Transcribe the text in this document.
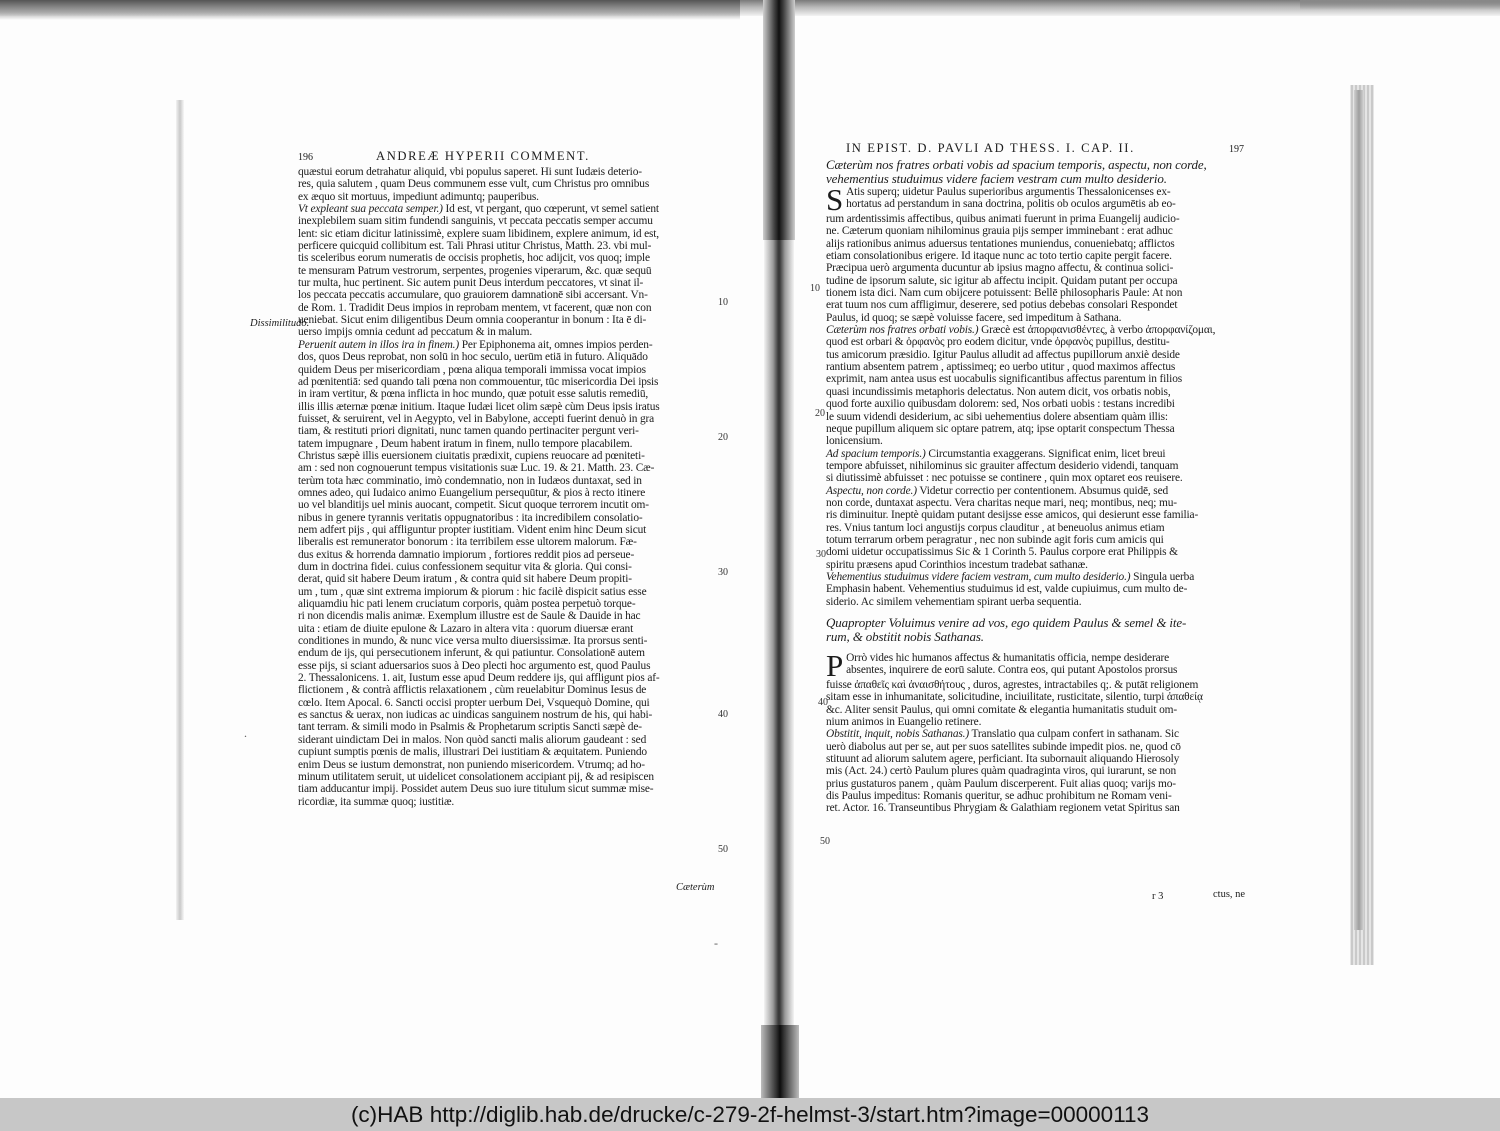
196	ANDREÆ HYPERII COMMENT.
quæstui eorum detrahatur aliquid, vbi populus saperet. Hi sunt Iudæis deterio-
res, quia salutem , quam Deus communem esse vult, cum Christus pro omnibus
ex æquo sit mortuus, impediunt adimuntq; pauperibus.
Vt expleant sua peccata semper.) Id est, vt pergant, quo cœperunt, vt semel satient
inexplebilem suam sitim fundendi sanguinis, vt peccata peccatis semper accumu
lent: sic etiam dicitur latinissimè, explere suam libidinem, explere animum, id est,
perficere quicquid collibitum est. Tali Phrasi utitur Christus, Matth. 23. vbi mul-
tis sceleribus eorum numeratis de occisis prophetis, hoc adijcit, vos quoq; imple
te mensuram Patrum vestrorum, serpentes, progenies viperarum, &c. quæ sequū
tur multa, huc pertinent. Sic autem punit Deus interdum peccatores, vt sinat il-
los peccata peccatis accumulare, quo grauiorem damnationē sibi accersant. Vn-
de Rom. 1. Tradidit Deus impios in reprobam mentem, vt facerent, quæ non con
ueniebat. Sicut enim diligentibus Deum omnia cooperantur in bonum : Ita ē di-
uerso impijs omnia cedunt ad peccatum & in malum.
Peruenit autem in illos ira in finem.) Per Epiphonema ait, omnes impios perden-
dos, quos Deus reprobat, non solū in hoc seculo, uerūm etiā in futuro. Aliquādo
quidem Deus per misericordiam , pœna aliqua temporali immissa vocat impios
ad pœnitentiā: sed quando tali pœna non commouentur, tūc misericordia Dei ipsis
in iram vertitur, & pœna inflicta in hoc mundo, quæ potuit esse salutis remediū,
illis illis æternæ pœnæ initium. Itaque Iudæi licet olim sæpè cùm Deus ipsis iratus
fuisset, & seruirent, vel in Aegypto, vel in Babylone, accepti fuerint denuò in gra
tiam, & restituti priori dignitati, nunc tamen quando pertinaciter pergunt veri-
tatem impugnare , Deum habent iratum in finem, nullo tempore placabilem.
Christus sæpè illis euersionem ciuitatis prædixit, cupiens reuocare ad pœniteti-
am : sed non cognouerunt tempus visitationis suæ Luc. 19. & 21. Matth. 23. Cæ-
terùm tota hæc comminatio, imò condemnatio, non in Iudæos duntaxat, sed in
omnes adeo, qui Iudaico animo Euangelium persequūtur, & pios à recto itinere
uo vel blanditijs uel minis auocant, competit. Sicut quoque terrorem incutit om-
nibus in genere tyrannis veritatis oppugnatoribus : ita incredibilem consolatio-
nem adfert pijs , qui affliguntur propter iustitiam. Vident enim hinc Deum sicut
liberalis est remunerator bonorum : ita terribilem esse ultorem malorum. Fæ-
dus exitus & horrenda damnatio impiorum , fortiores reddit pios ad perseue-
dum in doctrina fidei. cuius confessionem sequitur vita & gloria. Qui consi-
derat, quid sit habere Deum iratum , & contra quid sit habere Deum propiti-
um , tum , quæ sint extrema impiorum & piorum : hic facilè dispicit satius esse
aliquamdiu hic pati lenem cruciatum corporis, quàm postea perpetuò torque-
ri non dicendis malis animæ. Exemplum illustre est de Saule & Dauide in hac
uita : etiam de diuite epulone & Lazaro in altera vita : quorum diuersæ erant
conditiones in mundo, & nunc vice versa multo diuersissimæ. Ita prorsus senti-
endum de ijs, qui persecutionem inferunt, & qui patiuntur. Consolationē autem
esse pijs, si sciant aduersarios suos à Deo plecti hoc argumento est, quod Paulus
2. Thessalonicens. 1. ait, Iustum esse apud Deum reddere ijs, qui affligunt pios af-
flictionem , & contrà afflictis relaxationem , cùm reuelabitur Dominus Iesus de
cœlo. Item Apocal. 6. Sancti occisi propter uerbum Dei, Vsquequò Domine, qui
es sanctus & uerax, non iudicas ac uindicas sanguinem nostrum de his, qui habi-
tant terram. & simili modo in Psalmis & Prophetarum scriptis Sancti sæpè de-
siderant uindictam Dei in malos. Non quòd sancti malis aliorum gaudeant : sed
cupiunt sumptis pœnis de malis, illustrari Dei iustitiam & æquitatem. Puniendo
enim Deus se iustum demonstrat, non puniendo misericordem. Vtrumq; ad ho-
minum utilitatem seruit, ut uidelicet consolationem accipiant pij, & ad resipiscen
tiam adducantur impij. Possidet autem Deus suo iure titulum sicut summæ mise-
ricordiæ, ita summæ quoq; iustitiæ.
10
20
30
40
50
Dissimilitudo.
Cæterùm
-
.
IN EPIST. D. PAVLI AD THESS. I. CAP. II.	197
Cæterùm nos fratres orbati vobis ad spacium temporis, aspectu, non corde,
vehementius studuimus videre faciem vestram cum multo desiderio.
S Atis superq; uidetur Paulus superioribus argumentis Thessalonicenses ex-
hortatus ad perstandum in sana doctrina, politis ob oculos argumētis ab eo-
rum ardentissimis affectibus, quibus animati fuerunt in prima Euangelij audicio-
ne. Cæterum quoniam nihilominus grauia pijs semper imminebant : erat adhuc
alijs rationibus animus aduersus tentationes muniendus, conueniebatq; afflictos
etiam consolationibus erigere. Id itaque nunc ac toto tertio capite pergit facere.
Præcipua uerò argumenta ducuntur ab ipsius magno affectu, & continua solici-
tudine de ipsorum salute, sic igitur ab affectu incipit. Quidam putant per occupa
tionem ista dici. Nam cum obijcere potuissent: Bellē philosopharis Paule: At non
erat tuum nos cum affligimur, deserere, sed potius debebas consolari Respondet
Paulus, id quoq; se sæpè voluisse facere, sed impeditum à Sathana.
Cæterùm nos fratres orbati vobis.) Græcè est ἀπορφανισθέντες, à verbo ἀπορφανίζομαι,
quod est orbari & ὀρφανὸς pro eodem dicitur, vnde ὀρφανὸς pupillus, destitu-
tus amicorum præsidio. Igitur Paulus alludit ad affectus pupillorum anxiè deside
rantium absentem patrem , aptissimeq; eo uerbo utitur , quod maximos affectus
exprimit, nam antea usus est uocabulis significantibus affectus parentum in filios
quasi incundissimis metaphoris delectatus. Non autem dicit, vos orbatis nobis,
quod forte auxilio quibusdam dolorem: sed, Nos orbati uobis : testans incredibi
le suum videndi desiderium, ac sibi uehementius dolere absentiam quàm illis:
neque pupillum aliquem sic optare patrem, atq; ipse optarit conspectum Thessa
lonicensium.
Ad spacium temporis.) Circumstantia exaggerans. Significat enim, licet breui
tempore abfuisset, nihilominus sic grauiter affectum desiderio videndi, tanquam
si diutissimè abfuisset : nec potuisse se continere , quin mox optaret eos reuisere.
Aspectu, non corde.) Videtur correctio per contentionem. Absumus quidē, sed
non corde, duntaxat aspectu. Vera charitas neque mari, neq; montibus, neq; mu-
ris diminuitur. Ineptè quidam putant desijsse esse amicos, qui desierunt esse familia-
res. Vnius tantum loci angustijs corpus clauditur , at beneuolus animus etiam
totum terrarum orbem peragratur , nec non subinde agit foris cum amicis qui
domi uidetur occupatissimus Sic & 1 Corinth 5. Paulus corpore erat Philippis &
spiritu præsens apud Corinthios incestum tradebat sathanæ.
Vehementius studuimus videre faciem vestram, cum multo desiderio.) Singula uerba
Emphasin habent. Vehementius studuimus id est, valde cupiuimus, cum multo de-
siderio. Ac similem vehementiam spirant uerba sequentia.
Quapropter Voluimus venire ad vos, ego quidem Paulus & semel & ite-
rum, & obstitit nobis Sathanas.
P Orrò vides hic humanos affectus & humanitatis officia, nempe desiderare
absentes, inquirere de eorū salute. Contra eos, qui putant Apostolos prorsus
fuisse ἀπαθεῖς καὶ ἀναισθήτους , duros, agrestes, intractabiles q;. & putāt religionem
sitam esse in inhumanitate, solicitudine, inciuilitate, rusticitate, silentio, turpi ἀπαθείᾳ
&c. Aliter sensit Paulus, qui omni comitate & elegantia humanitatis studuit om-
nium animos in Euangelio retinere.
Obstitit, inquit, nobis Sathanas.) Translatio qua culpam confert in sathanam. Sic
uerò diabolus aut per se, aut per suos satellites subinde impedit pios. ne, quod cō
stituunt ad aliorum salutem agere, perficiant. Ita subornauit aliquando Hierosoly
mis (Act. 24.) certò Paulum plures quàm quadraginta viros, qui iurarunt, se non
prius gustaturos panem , quàm Paulum discerperent. Fuit alias quoq; varijs mo-
dis Paulus impeditus: Romanis queritur, se adhuc prohibitum ne Romam veni-
ret. Actor. 16. Transeuntibus Phrygiam & Galathiam regionem vetat Spiritus san
10
20
30
40
50
r 3	ctus, ne
(c)HAB http://diglib.hab.de/drucke/c-279-2f-helmst-3/start.htm?image=00000113
